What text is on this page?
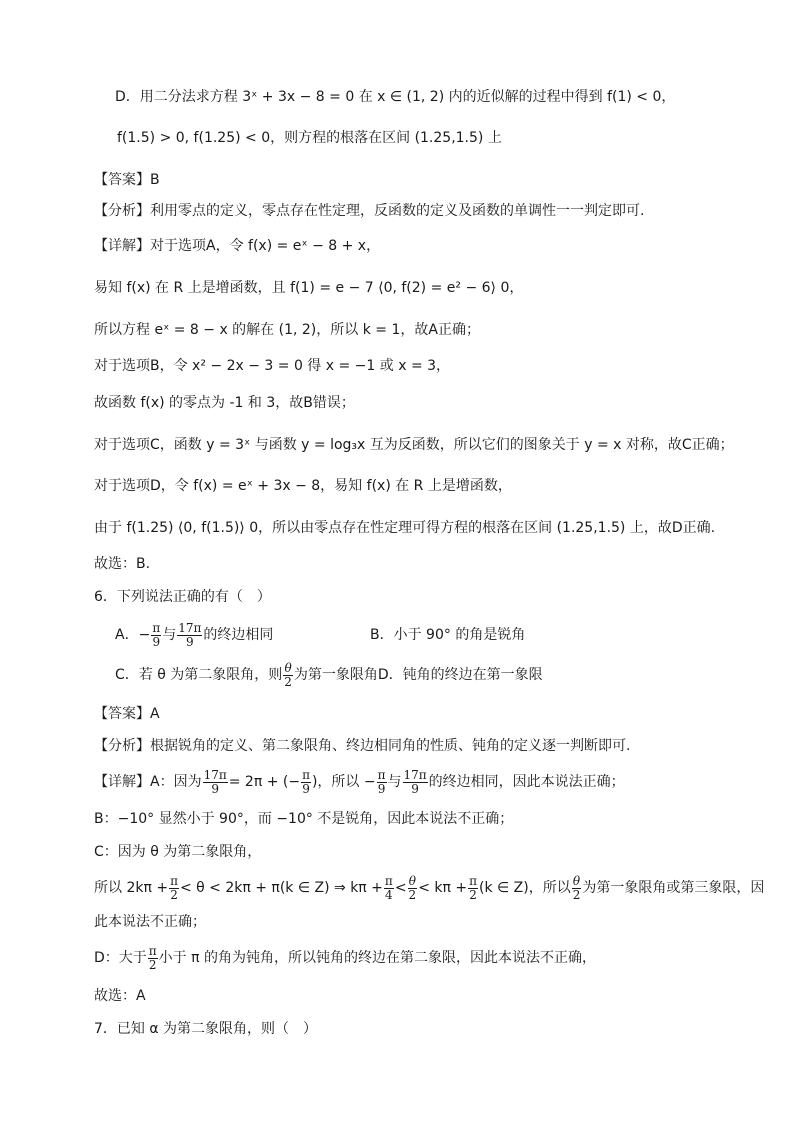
D．用二分法求方程 3ˣ + 3x − 8 = 0 在 x ∈ (1, 2) 内的近似解的过程中得到 f(1) < 0，
f(1.5) > 0, f(1.25) < 0，则方程的根落在区间 (1.25,1.5) 上
【答案】B
【分析】利用零点的定义，零点存在性定理，反函数的定义及函数的单调性一一判定即可.
【详解】对于选项A，令 f(x) = eˣ − 8 + x，
易知 f(x) 在 R 上是增函数，且 f(1) = e − 7 ⟨0, f(2) = e² − 6⟩ 0，
所以方程 eˣ = 8 − x 的解在 (1, 2)，所以 k = 1，故A正确；
对于选项B，令 x² − 2x − 3 = 0 得 x = −1 或 x = 3，
故函数 f(x) 的零点为 -1 和 3，故B错误；
对于选项C，函数 y = 3ˣ 与函数 y = log₃x 互为反函数，所以它们的图象关于 y = x 对称，故C正确；
对于选项D，令 f(x) = eˣ + 3x − 8，易知 f(x) 在 R 上是增函数，
由于 f(1.25) ⟨0, f(1.5)⟩ 0，所以由零点存在性定理可得方程的根落在区间 (1.25,1.5) 上，故D正确.
故选：B.
6．下列说法正确的有（　）
A．− $\frac{\pi}{9}$ 与 $\frac{17\pi}{9}$ 的终边相同	B．小于 90° 的角是锐角
C．若 θ 为第二象限角，则 $\frac{\theta}{2}$ 为第一象限角D．钝角的终边在第一象限
【答案】A
【分析】根据锐角的定义、第二象限角、终边相同角的性质、钝角的定义逐一判断即可.
【详解】A：因为 $\frac{17\pi}{9} = 2\pi$ + (− $\frac{\pi}{9}$ )，所以 − $\frac{\pi}{9}$ 与 $\frac{17\pi}{9}$ 的终边相同，因此本说法正确；
B：−10° 显然小于 90°，而 −10° 不是锐角，因此本说法不正确；
C：因为 θ 为第二象限角，
所以 $2k\pi + \frac{\pi}{2} < \theta < 2k\pi + \pi(k$ ∈ Z) ⇒ $k\pi + \frac{\pi}{4} < \frac{\theta}{2} < k\pi + \frac{\pi}{2} (k$ ∈ Z)，所以 $\frac{\theta}{2}$ 为第一象限角或第三象限，因
此本说法不正确；
D：大于 $\frac{\pi}{2}$ 小于 π 的角为钝角，所以钝角的终边在第二象限，因此本说法不正确，
故选：A
7．已知 α 为第二象限角，则（　）
